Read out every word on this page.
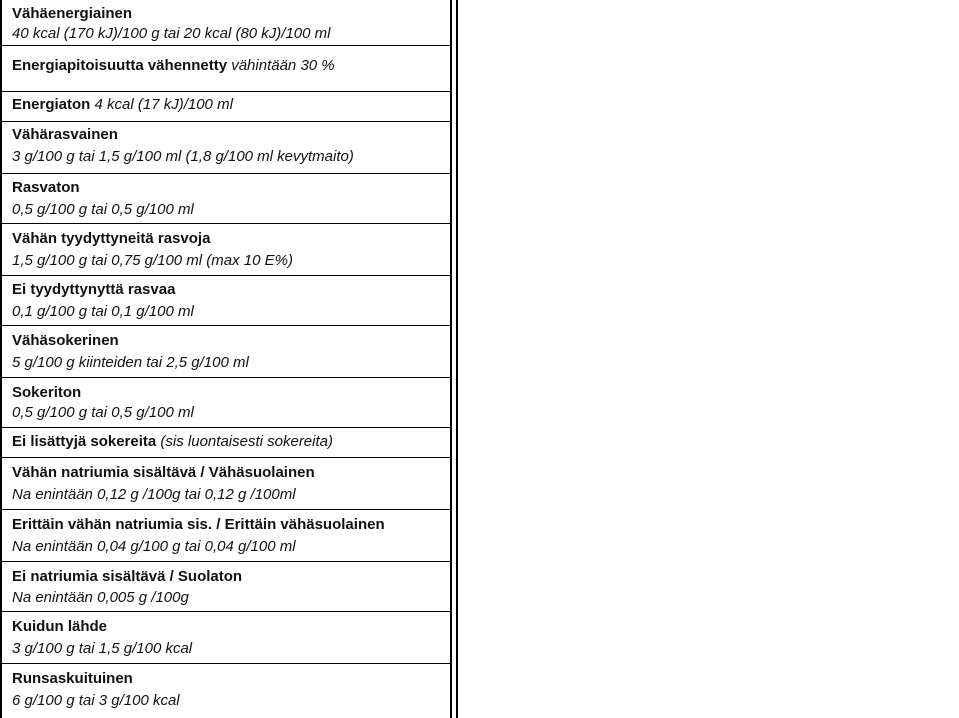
Vähäenergiainen
40 kcal (170 kJ)/100 g tai 20 kcal (80 kJ)/100 ml
Energiapitoisuutta vähennetty vähintään 30 %
Energiaton 4 kcal (17 kJ)/100 ml
Vähärasvainen
3 g/100 g tai 1,5 g/100 ml (1,8 g/100 ml kevytmaito)
Rasvaton
0,5 g/100 g tai 0,5 g/100 ml
Vähän tyydyttyneitä rasvoja
1,5 g/100 g tai 0,75 g/100 ml (max 10 E%)
Ei tyydyttynyttä rasvaa
0,1 g/100 g tai 0,1 g/100 ml
Vähäsokerinen
5 g/100 g kiinteiden tai 2,5 g/100 ml
Sokeriton
0,5 g/100 g tai 0,5 g/100 ml
Ei lisättyjä sokereita (sis luontaisesti sokereita)
Vähän natriumia sisältävä / Vähäsuolainen
Na enintään 0,12 g /100g tai 0,12 g /100ml
Erittäin vähän natriumia sis. / Erittäin vähäsuolainen
Na enintään 0,04 g/100 g tai 0,04 g/100 ml
Ei natriumia sisältävä / Suolaton
Na enintään 0,005 g /100g
Kuidun lähde
3 g/100 g tai 1,5 g/100 kcal
Runsaskuituinen
6 g/100 g tai 3 g/100 kcal
